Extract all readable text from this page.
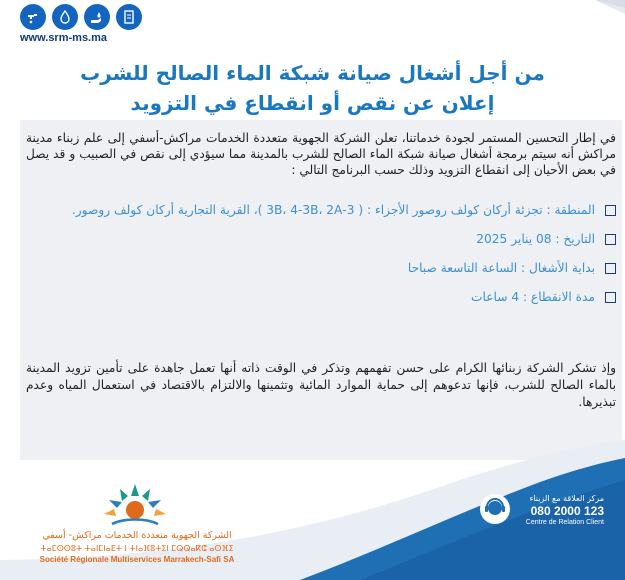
www.srm-ms.ma
من أجل أشغال صيانة شبكة الماء الصالح للشرب
إعلان عن نقص أو انقطاع في التزويد
في إطار التحسين المستمر لجودة خدماتنا، تعلن الشركة الجهوية متعددة الخدمات مراكش-أسفي إلى علم زبناء مدينة مراكش أنه سيتم برمجة أشغال صيانة شبكة الماء الصالح للشرب بالمدينة مما سيؤدي إلى نقص في الصبيب و قد يصل في بعض الأحيان إلى انقطاع التزويد وذلك حسب البرنامج التالي :
المنطقة : تجزئة أركان كولف روصور الأجزاء : ( 3-3B، 4-3B، 2A )، القرية التجارية أركان كولف روصور.
التاريخ : 08 يناير 2025
بداية الأشغال : الساعة التاسعة صباحا
مدة الانقطاع : 4 ساعات
وإذ تشكر الشركة زبنائها الكرام على حسن تفهمهم وتذكر في الوقت ذاته أنها تعمل جاهدة على تأمين تزويد المدينة بالماء الصالح للشرب، فإنها تدعوهم إلى حماية الموارد المائية وتثمينها والالتزام بالاقتصاد في استعمال المياه وعدم تبذيرها.
الشركة الجهوية متعددة الخدمات مراكش- أسفي
ⵜⴰⵎⵙⵙⵓⵜ ⵜⴰⵏⵎⵏⴰⴹⵜ ⵏ ⵜⵏⴰⴼⵓⵜⵉⵏ ⵎⵕⵕⴰⴽⵛ ⴰⵙⴼⵉ
Société Régionale Multiservices Marrakech-Safi SA
مركز العلاقة مع الزبناء
080 2000 123
Centre de Relation Client
